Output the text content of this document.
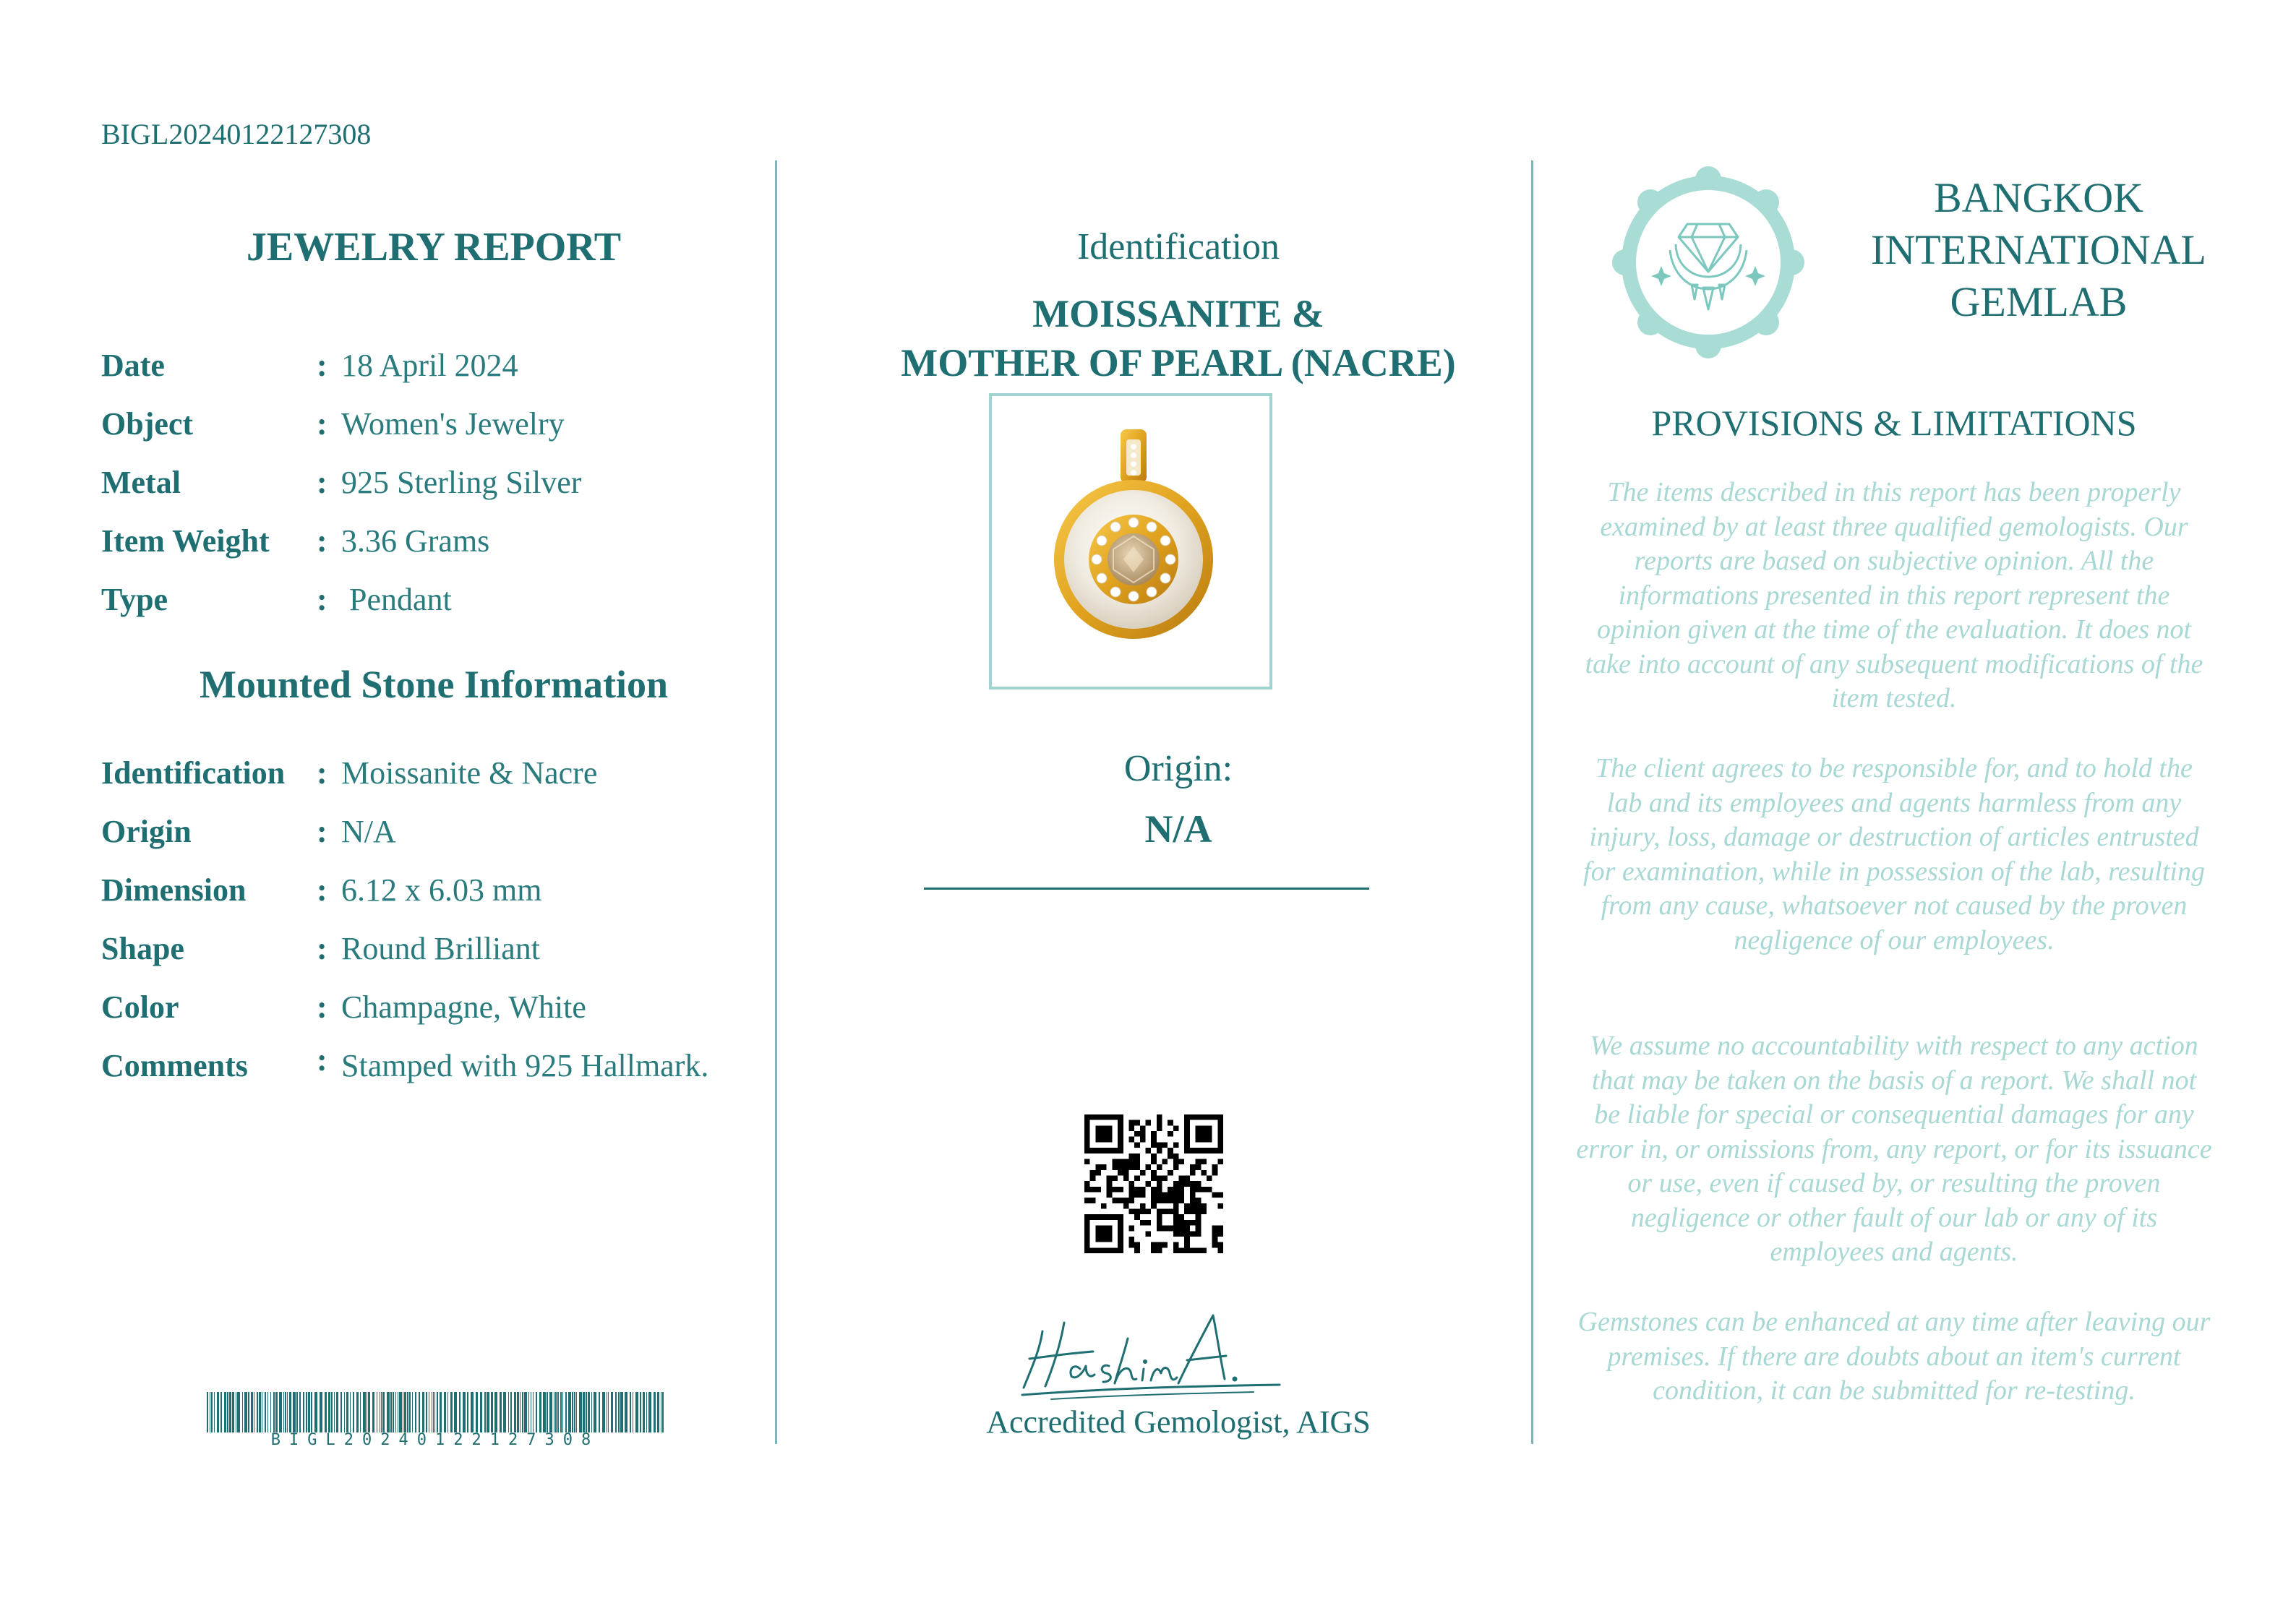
BIGL20240122127308
JEWELRY REPORT
Date	: 18 April 2024
Object	: Women's Jewelry
Metal	: 925 Sterling Silver
Item Weight : 3.36 Grams
Type	: Pendant
Mounted Stone Information
Identification : Moissanite & Nacre
Origin	: N/A
Dimension : 6.12 x 6.03 mm
Shape	: Round Brilliant
Color	: Champagne, White
Comments : Stamped with 925 Hallmark.
BIGL20240122127308
Identification
MOISSANITE &
MOTHER OF PEARL (NACRE)
Origin:
N/A
Accredited Gemologist, AIGS
BANGKOK
INTERNATIONAL
GEMLAB
PROVISIONS & LIMITATIONS
The items described in this report has been properly examined by at least three qualified gemologists. Our reports are based on subjective opinion. All the informations presented in this report represent the opinion given at the time of the evaluation. It does not take into account of any subsequent modifications of the item tested.
The client agrees to be responsible for, and to hold the lab and its employees and agents harmless from any injury, loss, damage or destruction of articles entrusted for examination, while in possession of the lab, resulting from any cause, whatsoever not caused by the proven negligence of our employees.
We assume no accountability with respect to any action that may be taken on the basis of a report. We shall not be liable for special or consequential damages for any error in, or omissions from, any report, or for its issuance or use, even if caused by, or resulting the proven negligence or other fault of our lab or any of its employees and agents.
Gemstones can be enhanced at any time after leaving our premises. If there are doubts about an item's current condition, it can be submitted for re-testing.
